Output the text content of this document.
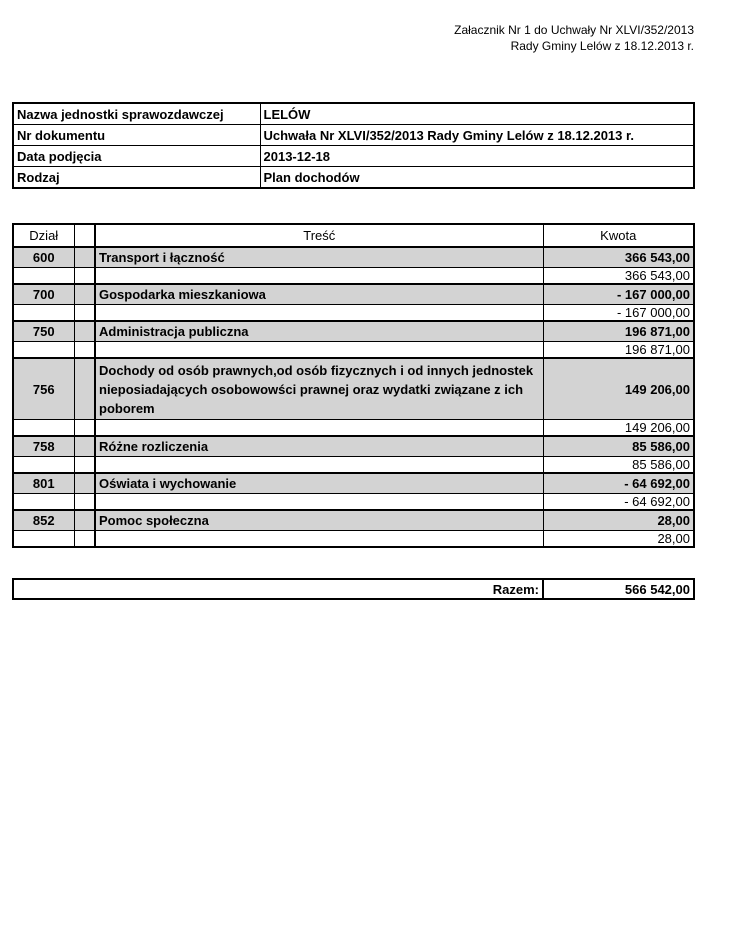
Załacznik Nr 1 do Uchwały Nr XLVI/352/2013
Rady Gminy Lelów z 18.12.2013 r.
Nazwa jednostki sprawozdawczej	LELÓW
Nr dokumentu	Uchwała Nr XLVI/352/2013 Rady Gminy Lelów z 18.12.2013 r.
Data podjęcia	2013-12-18
Rodzaj	Plan dochodów
Dział		Treść	Kwota
600		Transport i łączność	366 543,00
			366 543,00
700		Gospodarka mieszkaniowa	- 167 000,00
			- 167 000,00
750		Administracja publiczna	196 871,00
			196 871,00
756		Dochody od osób prawnych,od osób fizycznych i od innych jednostek nieposiadających osobowowści prawnej oraz wydatki związane z ich poborem	149 206,00
			149 206,00
758		Różne rozliczenia	85 586,00
			85 586,00
801		Oświata i wychowanie	- 64 692,00
			- 64 692,00
852		Pomoc społeczna	28,00
			28,00
Razem:	566 542,00
